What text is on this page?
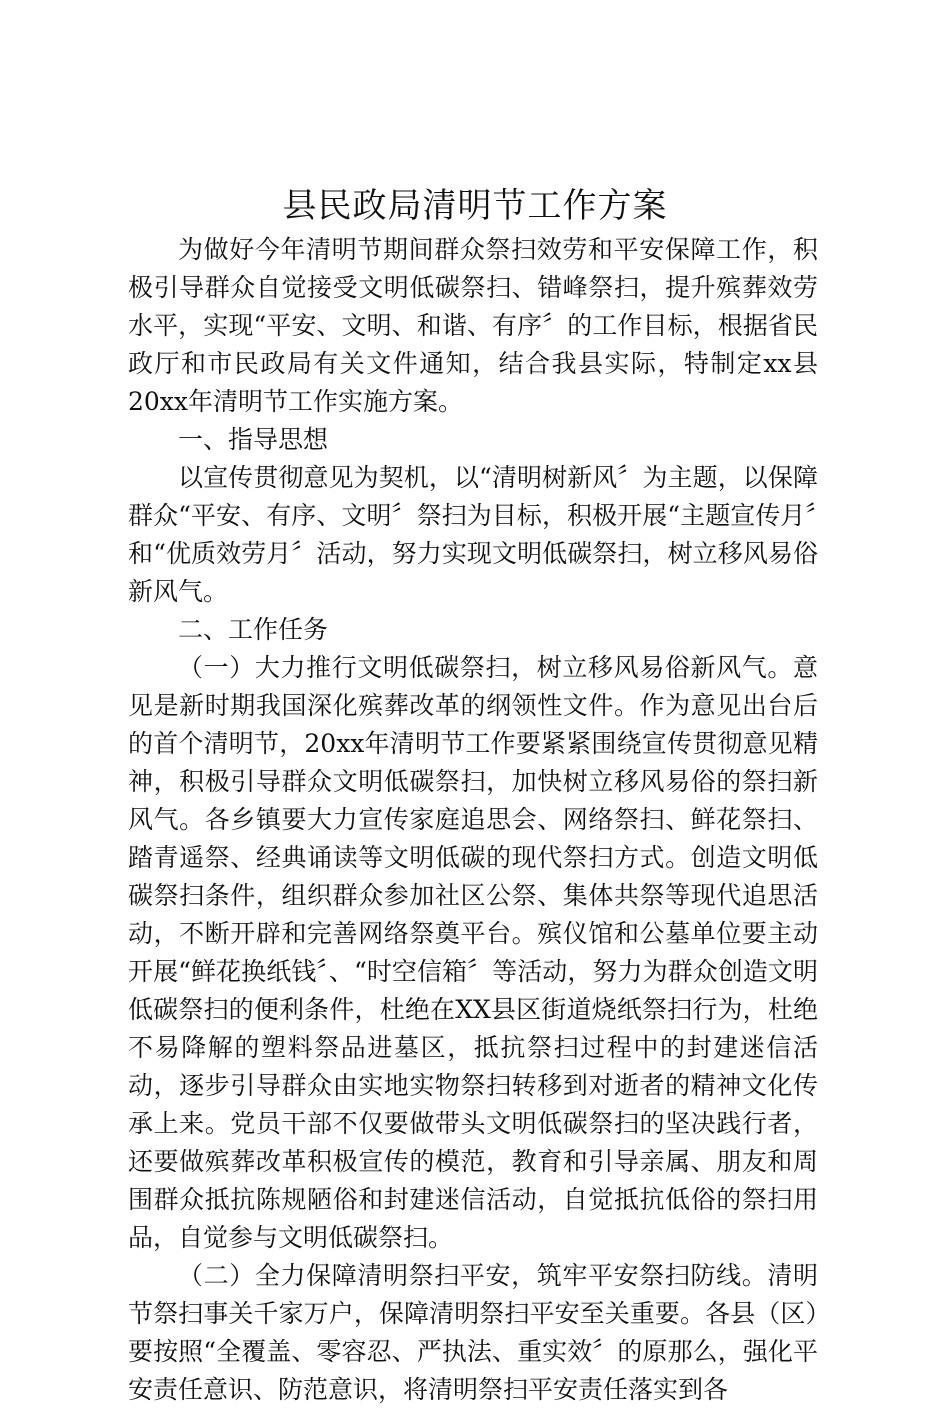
县民政局清明节工作方案

为做好今年清明节期间群众祭扫效劳和平安保障工作，积极引导群众自觉接受文明低碳祭扫、错峰祭扫，提升殡葬效劳水平，实现“平安、文明、和谐、有序〞的工作目标，根据省民政厅和市民政局有关文件通知，结合我县实际，特制定xx县20xx年清明节工作实施方案。

一、指导思想

以宣传贯彻意见为契机，以“清明树新风〞为主题，以保障群众“平安、有序、文明〞祭扫为目标，积极开展“主题宣传月〞和“优质效劳月〞活动，努力实现文明低碳祭扫，树立移风易俗新风气。

二、工作任务

（一）大力推行文明低碳祭扫，树立移风易俗新风气。意见是新时期我国深化殡葬改革的纲领性文件。作为意见出台后的首个清明节，20xx年清明节工作要紧紧围绕宣传贯彻意见精神，积极引导群众文明低碳祭扫，加快树立移风易俗的祭扫新风气。各乡镇要大力宣传家庭追思会、网络祭扫、鲜花祭扫、踏青遥祭、经典诵读等文明低碳的现代祭扫方式。创造文明低碳祭扫条件，组织群众参加社区公祭、集体共祭等现代追思活动，不断开辟和完善网络祭奠平台。殡仪馆和公墓单位要主动开展“鲜花换纸钱〞、“时空信箱〞等活动，努力为群众创造文明低碳祭扫的便利条件，杜绝在XX县区街道烧纸祭扫行为，杜绝不易降解的塑料祭品进墓区，抵抗祭扫过程中的封建迷信活动，逐步引导群众由实地实物祭扫转移到对逝者的精神文化传承上来。党员干部不仅要做带头文明低碳祭扫的坚决践行者，还要做殡葬改革积极宣传的模范，教育和引导亲属、朋友和周围群众抵抗陈规陋俗和封建迷信活动，自觉抵抗低俗的祭扫用品，自觉参与文明低碳祭扫。

（二）全力保障清明祭扫平安，筑牢平安祭扫防线。清明节祭扫事关千家万户，保障清明祭扫平安至关重要。各县（区）要按照“全覆盖、零容忍、严执法、重实效〞的原那么，强化平安责任意识、防范意识，将清明祭扫平安责任落实到各
